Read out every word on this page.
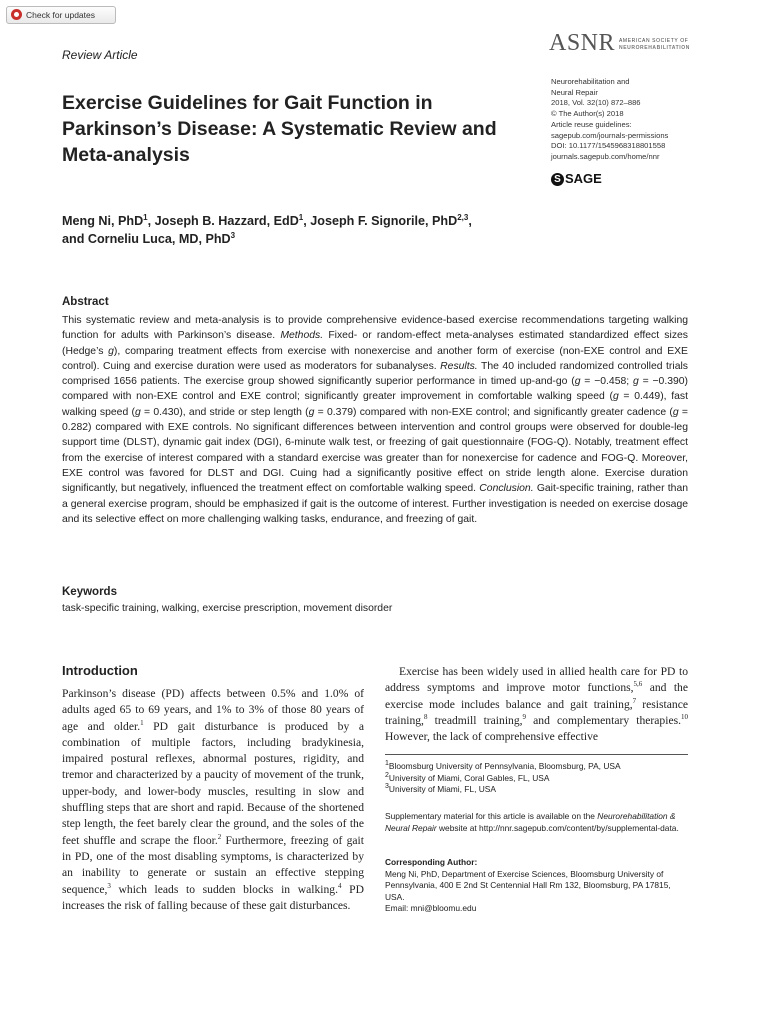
Check for updates
Review Article	ASNR AMERICAN SOCIETY OF
NEUROREHABILITATION
Exercise Guidelines for Gait Function in Parkinson’s Disease: A Systematic Review and Meta-analysis
Neurorehabilitation and
Neural Repair
2018, Vol. 32(10) 872–886
© The Author(s) 2018
Article reuse guidelines:
sagepub.com/journals-permissions
DOI: 10.1177/1545968318801558
journals.sagepub.com/home/nnr
S SAGE
Meng Ni, PhD$^1$, Joseph B. Hazzard, EdD$^1$, Joseph F. Signorile, PhD$^{2,3}$,
and Corneliu Luca, MD, PhD$^3$
Abstract
This systematic review and meta-analysis is to provide comprehensive evidence-based exercise recommendations targeting walking function for adults with Parkinson’s disease. Methods. Fixed- or random-effect meta-analyses estimated standardized effect sizes (Hedge’s g), comparing treatment effects from exercise with nonexercise and another form of exercise (non-EXE control and EXE control). Cuing and exercise duration were used as moderators for subanalyses. Results. The 40 included randomized controlled trials comprised 1656 patients. The exercise group showed significantly superior performance in timed up-and-go (g = −0.458; g = −0.390) compared with non-EXE control and EXE control; significantly greater improvement in comfortable walking speed (g = 0.449), fast walking speed (g = 0.430), and stride or step length (g = 0.379) compared with non-EXE control; and significantly greater cadence (g = 0.282) compared with EXE controls. No significant differences between intervention and control groups were observed for double-leg support time (DLST), dynamic gait index (DGI), 6-minute walk test, or freezing of gait questionnaire (FOG-Q). Notably, treatment effect from the exercise of interest compared with a standard exercise was greater than for nonexercise for cadence and FOG-Q. Moreover, EXE control was favored for DLST and DGI. Cuing had a significantly positive effect on stride length alone. Exercise duration significantly, but negatively, influenced the treatment effect on comfortable walking speed. Conclusion. Gait-specific training, rather than a general exercise program, should be emphasized if gait is the outcome of interest. Further investigation is needed on exercise dosage and its selective effect on more challenging walking tasks, endurance, and freezing of gait.
Keywords
task-specific training, walking, exercise prescription, movement disorder
Introduction
Parkinson’s disease (PD) affects between 0.5% and 1.0% of adults aged 65 to 69 years, and 1% to 3% of those 80 years of age and older.$^1$ PD gait disturbance is produced by a combination of multiple factors, including bradykinesia, impaired postural reflexes, abnormal postures, rigidity, and tremor and characterized by a paucity of movement of the trunk, upper-body, and lower-body muscles, resulting in slow and shuffling steps that are short and rapid. Because of the shortened step length, the feet barely clear the ground, and the soles of the feet shuffle and scrape the floor.$^2$ Furthermore, freezing of gait in PD, one of the most disabling symptoms, is characterized by an inability to generate or sustain an effective stepping sequence,$^3$ which leads to sudden blocks in walking.$^4$ PD increases the risk of falling because of these gait disturbances.
Exercise has been widely used in allied health care for PD to address symptoms and improve motor functions,$^{5,6}$ and the exercise mode includes balance and gait training,$^7$ resistance training,$^8$ treadmill training,$^9$ and complementary therapies.$^{10}$ However, the lack of comprehensive effective
$^1$Bloomsburg University of Pennsylvania, Bloomsburg, PA, USA
$^2$University of Miami, Coral Gables, FL, USA
$^3$University of Miami, FL, USA
Supplementary material for this article is available on the Neurorehabilitation & Neural Repair website at http://nnr.sagepub.com/content/by/supplemental-data.
Corresponding Author:
Meng Ni, PhD, Department of Exercise Sciences, Bloomsburg University of Pennsylvania, 400 E 2nd St Centennial Hall Rm 132, Bloomsburg, PA 17815, USA.
Email: mni@bloomu.edu
